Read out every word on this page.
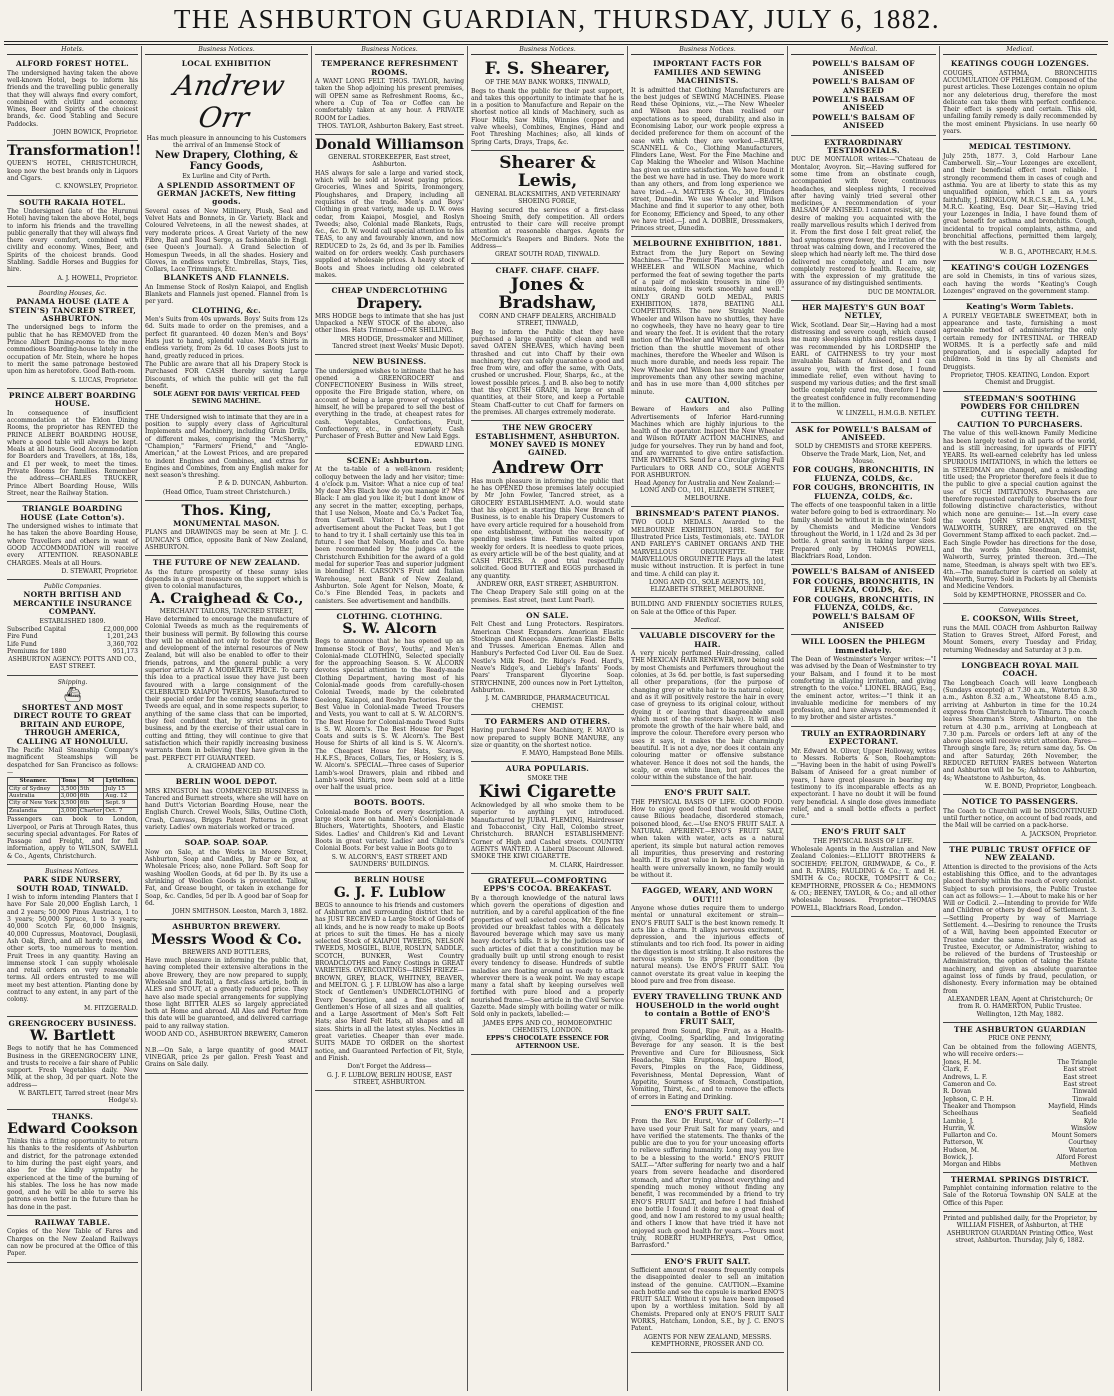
THE ASHBURTON GUARDIAN, THURSDAY, JULY 6, 1882.
Hotels.
ALFORD FOREST HOTEL.

The undersigned having taken the above well-known Hotel, begs to inform his friends and the travelling public generally that they will always find every comfort, combined with civility and economy. Wines, Beer and Spirits of the choicest brands, &c. Good Stabling and Secure Paddocks.

JOHN BOWICK, Proprietor.

Transformation!!

QUEEN'S HOTEL, CHRISTCHURCH, keep now the best brands only in Liquors and Cigars.

C. KNOWSLEY, Proprietor.

SOUTH RAKAIA HOTEL.

The Undersigned (late of the Hurunui Hotel) having taken the above Hotel, begs to inform his friends and the travelling public generally that they will always find there every comfort, combined with civility and economy. Wines, Beer, and Spirits of the choicest brands. Good Stabling. Saddle Horses and Buggies for hire.

A. J. HOWELL, Proprietor.

Boarding Houses, &c.

PANAMA HOUSE (LATE A STEIN'S) TANCRED STREET, ASHBURTON.

The undersigned begs to inform the public that he has REMOVED from the Prince Albert Dining-rooms to the more commodious Boarding-house lately in the occupation of Mr. Stein, where he hopes to merit the same patronage bestowed upon him as heretofore. Good Bath-room.

S. LUCAS, Proprietor.

PRINCE ALBERT BOARDING HOUSE.

In consequence of insufficient accommodation at the Eldon Dining Rooms, the proprietor has RENTED the PRINCE ALBERT BOARDING HOUSE, where a good table will always be kept. Meals at all hours. Good Accommodation for Boarders and Travellers, at 18s, 18s, and £1 per week, to meet the times. Private Rooms for families. Remember the address—CHARLES TRUCKER, Prince Albert Boarding House, Wills Street, near the Railway Station.

TRIANGLE BOARDING HOUSE (Late Cotton's).

The undersigned wishes to intimate that he has taken the above Boarding House, where Travellers and others in want of GOOD ACCOMMODATION will receive every ATTENTION. REASONABLE CHARGES. Meals at all Hours.

D. STEWART, Proprietor.

Public Companies.

NORTH BRITISH AND MERCANTILE INSURANCE COMPANY.

ESTABLISHED 1809.

Subscribed Capital	£2,000,000
Fire Fund	1,201,243
Life Fund	3,360,702
Premiums for 1880	951,173

ASHBURTON AGENCY: POTTS AND CO., EAST STREET.

Shipping.

⛴
SHORTEST AND MOST DIRECT ROUTE TO GREAT BRITAIN AND EUROPE, THROUGH AMERICA, CALLING AT HONOLULU.

The Pacific Mail Steamship Company's magnificent Steamships will be despatched for San Francisco as follows:—

Steamer.	Tons	M	Lyttelton.
City of Sydney	3,500	5th	July 15
Australia	3,000	6th	Aug. 12
City of New York	3,500	6th	Sept. 9
Zealandia	3,000	Charter	Oct. 7

Passengers can book to London, Liverpool, or Paris at Through Rates, thus securing special advantages. For Rates of Passage and Freight, and for full information, apply to WILSON, SAWELL & Co., Agents, Christchurch.

Business Notices.

PARK SIDE NURSERY, SOUTH ROAD, TINWALD.

I wish to inform intending Planters that I have For Sale 20,000 English Larch, 1 and 2 years; 50,000 Pinus Austriaca, 1 to 3 years; 50,000 Spruce, 1 to 3 years; 40,000 Scotch Fir, 60,000 Insignis, 40,000 Cupressus, Moatovaci, Douglasii, Ash Oak, Birch, and all hardy trees, and other sorts, too numerous to mention. Fruit Trees in any quantity. Having an immense stock I can supply wholesale and retail orders on very reasonable terms. All orders entrusted to me will meet my best attention. Planting done by contract to any extent, in any part of the colony.

M. FITZGERALD.

GREENGROCERY BUSINESS.
W. Bartlett

Begs to notify that he has Commenced Business in the GREENGROCERY LINE, and trusts to receive a fair share of Public support. Fresh Vegetables daily. New Milk, at the shop, 3d per quart. Note the address—

W. BARTLETT, Tarred street (near Mrs Hodge's).

THANKS.
Edward Cookson

Thinks this a fitting opportunity to return his thanks to the residents of Ashburton and district, for the patronage extended to him during the past eight years, and also for the kindly sympathy he experienced at the time of the burning of his stables. The loss he has now made good, and he will be able to serve his patrons even better in the future than he has done in the past.

RAILWAY TABLE.

Copies of the New Table of Fares and Charges on the New Zealand Railways can now be procured at the Office of this Paper.

Business Notices.
LOCAL EXHIBITION
Andrew Orr

Has much pleasure in announcing to his Customers the arrival of an Immense Stock of

New Drapery, Clothing, & Fancy Goods,

Ex Lurline and City of Perth.

A SPLENDID ASSORTMENT OF GERMAN JACKETS, New fitting goods.

Several cases of New Millinery, Plush, Seal and Velvet Hats and Bonnets, in Gr. Variety. Black and Coloured Velveteens, in all the newest shades, at very moderate prices. A Great Variety of the new Fibre, Bail and Road Serge, as fashionable in Engl. (see Queen's Journal). A Grand Selection of Homespun Tweeds, in all the shades. Hosiery and Gloves, in endless variety. Umbrellas, Stays, Ties, Collars, Lace Trimmings, Etc.

BLANKETS AND FLANNELS.

An Immense Stock of Roslyn Kaiapoi, and English Blankets and Flannels just opened. Flannel from 1s per yard.

CLOTHING, &c.

Men's Suits from 40s upwards. Boys' Suits from 12s 6d. Suits made to order on the premises, and a perfect fit guaranteed. 40 dozen Men's and Boys' Hats just to hand, splendid value. Men's Shirts in endless variety, from 2s 6d. 10 cases Boots just to hand, greatly reduced in prices.

The Public are aware that all his Drapery Stock is Purchased FOR CASH thereby saving Large Discounts, of which the public will get the full benefit.

SOLE AGENT FOR DAVIS' VERTICAL FEED SEWING MACHINE.

THE Undersigned wish to intimate that they are in a position to supply every class of Agricultural Implements and Machinery, including Grain Drills, of different makes, comprising the "McSherry," "Champion," "Farmers' Friend," and "Anglo-American," at the Lowest Prices, and are prepared to indent Engines and Combines, and extras for Engines and Combines, from any English maker for next season's threshing.

P. & D. DUNCAN, Ashburton.

(Head Office, Tuam street Christchurch.)

Thos. King,
MONUMENTAL MASON.

PLANS and DRAWINGS may be seen at Mr. J. C. DUNCAN'S Office, opposite Bank of New Zealand, ASHBURTON.

THE FUTURE OF NEW ZEALAND.

As the future prosperity of these sunny isles depends in a great measure on the support which is given to colonial manufactures,

A. Craighead & Co.,

MERCHANT TAILORS, TANCRED STREET,

Have determined to encourage the manufacture of Colonial Tweeds as much as the requirements of their business will permit. By following this course they will be enabled not only to foster the growth and development of the internal resources of New Zealand, but will also be enabled to offer to their friends, patrons, and the general public a very superior article AT A MODERATE PRICE. To carry this idea to a practical issue they have just been favoured with a large consignment of the CELEBRATED KAIAPOI TWEEDS, Manufactured to their special order for the coming season. As these Tweeds are equal, and in some respects superior, to anything of the same class that can be imported, they feel confident that, by strict attention to business, and by the exercise of their usual care in cutting and fitting, they will continue to give that satisfaction which their rapidly increasing business warrants them in believing they have given in the past. PERFECT FIT GUARANTEED.

A. CRAIGHEAD AND CO.

BERLIN WOOL DEPOT.

MRS KINGSTON has COMMENCED BUSINESS in Tancred and Burnett streets, where she will have on hand Dutt's Victorian Boarding House, near the English Church. Crewel Wools, Silks, Outline Cloth, Crash, Canvass, Briggs Patent Patterns in great variety. Ladies' own materials worked or traced.

SOAP. SOAP. SOAP.

Now on Sale, at the Works in Moore Street, Ashburton, Soap and Candles, by Bar or Box, at Wholesale Prices; also, none Pollard. Soft Soap for washing Woollen Goods, at 6d per lb. By its use a shrinking of Woollen Goods is prevented. Tallow, Fat, and Grease bought, or taken in exchange for Soap, &c. Candles, 5d per lb. A good bar of Soap for 6d.

JOHN SMITHSON. Leeston, March 3, 1882.

ASHBURTON BREWERY.
Messrs Wood & Co.

BREWERS AND BOTTLERS,

Have much pleasure in informing the public that, having completed their extensive alterations in the above Brewery, they are now prepared to supply, Wholesale and Retail, a first-class article, both in ALES and STOUT, at a greatly reduced price. They have also made special arrangements for supplying those light BITTER ALES so largely appreciated both at Home and abroad. All Ales and Porter from this date will be guaranteed, and delivered carriage paid to any railway station.

WOOD AND CO., ASHBURTON BREWERY, Cameron street.

N.B.—On Sale, a large quantity of good MALT VINEGAR, price 2s per gallon. Fresh Yeast and Grains on Sale daily.

Business Notices.
TEMPERANCE REFRESHMENT ROOMS.

A WANT LONG FELT. THOS. TAYLOR, having taken the Shop adjoining his present premises, will OPEN same as Refreshment Rooms, &c., where a Cup of Tea or Coffee can be comfortably taken at any hour. A PRIVATE ROOM for Ladies.

THOS. TAYLOR, Ashburton Bakery, East street.

Donald Williamson

GENERAL STOREKEEPER, East street, Ashburton.

HAS always for sale a large and varied stock, which will be sold at lowest paying prices. Groceries, Wines and Spirits, Ironmongery, Ploughshares, and Drapery, including all requisites of the trade. Men's and Boys' Clothing in great variety, made up. D. W. owes cedar, from Kaiapoi, Mosgiel, and Roslyn Tweeds; also, Colonial made Blankets, Rugs, &c., &c. D. W. would call special attention to his TEAS, to any and favourably known, and now REDUCED to 2s, 2s 6d, and 3s per lb. Families waited on for orders weekly. Cash purchasers supplied at wholesale prices. A heavy stock of Boots and Shoes including old celebrated makes.

CHEAP UNDERCLOTHING
Drapery.

MRS HODGE begs to intimate that she has just Unpacked a NEW STOCK of the above, also other lines. Hats Trimmed—ONE SHILLING.

MRS HODGE, Dressmaker and Milliner, Tancred street (next Weeks' Music Depot).

NEW BUSINESS.

The undersigned wishes to intimate that he has opened a GREENGROCERY and CONFECTIONERY Business in Wills street, opposite the Fire Brigade station, where, on account of being a large grower of vegetables himself, he will be prepared to sell the best of everything in the trade, at cheapest rates for cash. Vegetables, Confections, Fruit, Confectionery, etc., in great variety. Cash Purchaser of Fresh Butter and New Laid Eggs.

EDWARD LING.

SCENE: Ashburton.

At the ta-table of a well-known resident; colloquy between the lady and her visitor; time: 4 o'clock p.m. Visitor: What a nice cup of tea! My dear Mrs Black how do you manage it? Mrs Black: I am glad you like it; but I dont know of any secret in the matter, excepting, perhaps, that I use Nelson, Moate and Co.'s Packet Tea, from Cartwell. Visitor: I have seen the advertisement about the Packet Teas, but I got to hand to try it. I shall certainly use this tea in future. I see that Nelson, Moate and Co. have been recommended by the judges at the Christchurch Exhibition for the award of a gold medal for superior Teas and superior judgment in blending! H. CARSON'S Fruit and Italian Warehouse, next Bank of New Zealand, Ashburton. Sole Agent for Nelson, Moate, & Co.'s Fine Blended Teas, in packets and canisters. See advertisement and handbills.

CLOTHING. CLOTHING.
S. W. Alcorn

Begs to announce that he has opened up an Immense Stock of Boys', Youths', and Men's Colonial-made CLOTHING, Selected specially for the approaching Season. S. W. ALCORN devotes special attention to the Ready-made Clothing Department, having most of his Colonial-made goods from carefully-chosen Colonial Tweeds, made by the celebrated Geelong, Kaiapoi, and Roslyn Factories. For the Best Value in Colonial-made Tweed Trousers and Vests, you want to call at S. W. ALCORN'S. The Best House for Colonial-made Tweed Suits is S. W. Alcorn's. The Best House for Paget Coats and suits is S. W. Alcorn's. The Best House for Shirts of all kind is S. W. Alcorn's. The Cheapest House for Hats, Scarves, H.K.F.S., Braces, Collars, Ties, or Hosiery, is S. W. Alcorn's. SPECIAL—Three cases of Superior Lamb's-wool Drawers, plain and ribbed and Lamb's-wool Shirts, now been sold at a little over half the usual price.

BOOTS. BOOTS.

Colonial-made Boots of every description. A large stock now on hand. Men's Colonial-made Bluchers, Watertights, Shooters, and Elastic Sides. Ladies' and Children's Kid and Levant Boots in great variety. Ladies' and Children's Colonial Boots. For best value in Boots go to

S. W. ALCORN'S, EAST STREET AND SAUNDERS' BUILDINGS.

BERLIN HOUSE
G. J. F. Lublow

BEGS to announce to his friends and customers of Ashburton and surrounding district that he has JUST RECEIVED a Large Stock of Goods of all kinds, and he is now ready to make up Boots at prices to suit the times. He has a nicely selected Stock of KAIAPOI TWEEDS, NELSON TWEEDS, MOSGIEL, BLUE, ROSLYN, SADDLE, SCOTCH, BUNKER, West Country BROADCLOTHS and Fancy Costings in GREAT VARIETIES. OVERCOATINGS—IRISH FRIEZE—BROWN, GREY, BLACK, WHITNEY, BEAVER, and MELTON. G. J. F. LUBLOW has also a large Stock of Gentlemen's UNDERCLOTHING of Every Description, and a fine stock of Gentlemen's Hose of all sizes and all qualities, and a Large Assortment of Men's Soft Felt Hats; also Hard Felt Hats, all shapes and all sizes. Shirts in all the latest styles. Neckties in great varieties. Cheaper than ever made. SUITS MADE TO ORDER on the shortest notice, and Guaranteed Perfection of Fit, Style, and Finish.

Don't Forget the Address—

G. J. F. LUBLOW, BERLIN HOUSE, EAST STREET, ASHBURTON.

Business Notices.
F. S. Shearer,

OF THE MAY BANK WORKS, TINWALD,

Begs to thank the public for their past support, and takes this opportunity to intimate that he is in a position to Manufacture and Repair on the shortest notice all kinds of Machinery, such as Flour Mills, Saw Mills, Winnies (copper and valve wheels), Combines, Engines, Hand and Foot Threshing Machines; also, all kinds of Spring Carts, Drays, Traps, &c.

Shearer & Lewis,

GENERAL BLACKSMITHS, AND VETERINARY SHOEING FORGE,

Having secured the services of a first-class Shoeing Smith, defy competition. All orders entrusted to their care will receive prompt attention at reasonable charges. Agents for McCormick's Reapers and Binders. Note the Address—

GREAT SOUTH ROAD, TINWALD.

CHAFF. CHAFF. CHAFF.
Jones & Bradshaw,

CORN AND CHAFF DEALERS, ARCHIBALD STREET, TINWALD,

Beg to inform the Public that they have purchased a large quantity of clean and well saved OATEN SHEAVES, which having been thrashed and cut into Chaff by their own machinery, they can safely guarantee a good and free from wire, and offer the same, with Oats, crushed or uncrushed. Flour, Sharps, &c., at the lowest possible prices. J. and B. also beg to notify that they CRUSH GRAIN, in large or small quantities, at their Store, and keep a Portable Steam Chaff-cutter to cut Chaff for farmers on the premises. All charges extremely moderate.

THE NEW GROCERY ESTABLISHMENT, ASHBURTON. MONEY SAVED IS MONEY GAINED.
Andrew Orr

Has much pleasure in informing the public that he has OPENED those premises lately occupied by Mr John Fowler, Tancred street, as a GROCERY ESTABLISHMENT. A.O. would state that his object in starting this New Branch of Business, is to enable his Drapery Customers to have every article required for a household from one establishment, without the necessity of spending useless time. Families waited upon weekly for orders. It is needless to quote prices, as every article will be of the best quality, and at CASH PRICES. A good trial respectfully solicited. Good BUTTER and EGGS purchased in any quantity.

ANDREW ORR, EAST STREET, ASHBURTON.

The Cheap Drapery Sale still going on at the premises. East street, (next Lunt Pearl).

ON SALE.

Felt Chest and Lung Protectors. Respirators. American Chest Expanders. American Elastic Stockings and Kneecaps. American Elastic Belts and Trusses. American Enemas. Allen and Hanbury's Perfected Cod Liver Oil. Eau de Suez. Nestle's Milk Food. Dr. Ridge's Food. Hard's, Neave's Ridge's, and Liebig's Infants' Foods. Pears' Transparent Glycerine Soap. STRYCHNINE, 200 ounces now in Port Lyttelton, Ashburton.

J. M. CAMBRIDGE, PHARMACEUTICAL CHEMIST.

TO FARMERS AND OTHERS.

Having purchased New Machinery, F. MAYO is now prepared to supply BONE MANURE, any size or quantity, on the shortest notice.

F. MAYO, Hampstead Bone Mills.

AURA POPULARIS.

SMOKE THE

Kiwi Cigarette

Acknowledged by all who smoke them to be superior to anything yet introduced. Manufactured by JUBAL FLEMING, Hairdresser and Tobacconist, City Hall, Colombo street, Christchurch. BRANCH ESTABLISHMENT: Corner of High and Cashel streets. COUNTRY AGENTS WANTED. A Liberal Discount Allowed. SMOKE THE KIWI CIGARETTE.

M. CLARK, Hairdresser.

GRATEFUL—COMFORTING EPPS'S COCOA. BREAKFAST.

By a thorough knowledge of the natural laws which govern the operations of digestion and nutrition, and by a careful application of the fine properties of well selected cocoa, Mr. Epps has provided our breakfast tables with a delicately flavoured beverage which may save us many heavy doctor's bills. It is by the judicious use of such articles of diet that a constitution may be gradually built up until strong enough to resist every tendency to disease. Hundreds of subtle maladies are floating around us ready to attack wherever there is a weak point. We may escape many a fatal shaft by keeping ourselves well fortified with pure blood and a properly nourished frame.—See article in the Civil Service Gazette. Made simply with boiling water or milk. Sold only in packets, labelled:—

JAMES EPPS AND CO., HOMOEOPATHIC CHEMISTS, LONDON.

EPPS'S CHOCOLATE ESSENCE FOR AFTERNOON USE.

Business Notices.
IMPORTANT FACTS FOR FAMILIES AND SEWING MACHINISTS.

It is admitted that Clothing Manufacturers are the best judges of SEWING MACHINES. Please Read these Opinions, viz.,—The New Wheeler and Wilson has more than realised our expectations as to speed, durability, and also in Economising Labor, our work people express a decided preference for them on account of the ease with which they are worked.—BEATH, SCANNELL & Co., Clothing Manufacturers, Flinders Lane, West. For the Fine Machine and Cap Making the Wheeler and Wilson Machine has given us entire satisfaction. We have found it the best we have had in use. They do more work than any others, and from long experience we have tried.—A. MATTERS & Co., 30, Flinders street, Dunedin. We use Wheeler and Wilson Machine and find it superior to any other, both for Economy, Efficiency and Speed, to any other we have tried.—J. and A. DOBBIE, Dressmakers, Princes street, Dunedin.

MELBOURNE EXHIBITION, 1881.

Extract from the Jury Report on Sewing Machines.—"The Premier Place was awarded to WHEELER and WILSON Machine, which performed the feat of sewing together the parts of a pair of moleskin trousers in nine (9) minutes, doing its work smoothly and well." ONLY GRAND GOLD MEDAL, PARIS EXHIBITION, 1878, BEATING ALL COMPETITORS. The new Straight Needle Wheeler and Wilson have no shuttles, they have no cogwheels, they have no heavy gear to tire and weary the feet. It is evident that the rotary motion of the Wheeler and Wilson has much less friction than the shuttle movement of other machines, therefore the Wheeler and Wilson is much more durable, and needs less repair. The New Wheeler and Wilson has more and greater improvements than any other sewing machine, and has in use more than 4,000 stitches per minute.

CAUTION.

Beware of Hawkers and also Pulling Advertisements of Inferior Hard-running Machines which are highly injurious to the health of the operator. Inspect the New Wheeler and Wilson ROTARY ACTION MACHINES, and judge for yourselves. They run by hand and foot, and are warranted to give entire satisfaction. TIME PAYMENTS. Send for a Circular giving Full Particulars to ORR AND CO., SOLE AGENTS FOR ASHBURTON.

Head Agency for Australia and New Zealand:—LONG AND CO., 101, ELIZABETH STREET, MELBOURNE.

BRINSMEAD'S PATENT PIANOS.

TWO GOLD MEDALS. Awarded to the MELBOURNE EXHIBITION, 1881. Send for Illustrated Price Lists, Testimonials, etc. TAYLOR AND FARLEY'S CABINET ORGANS AND THE MARVELLOUS ORGUINETTE. THE MARVELLOUS ORGUINETTE Plays all the latest music without instruction. It is perfect in tune and time. A child can play it.

LONG AND CO., SOLE AGENTS, 101, ELIZABETH STREET, MELBOURNE.

BUILDING AND FRIENDLY SOCIETIES RULES, on Sale at the Office of this Paper.

Medical.

VALUABLE DISCOVERY for the HAIR.

A very nicely perfumed Hair-dressing, called THE MEXICAN HAIR RENEWER, now being sold by most Chemists and Perfumers throughout the colonies, at 3s 6d. per bottle, is fast superseding all other preparations, (for the purpose of changing grey or white hair to its natural colour, and as it will positively restore the hair in every case of greyness to its original colour, without dyeing it or leaving that disagreeable smell which most of the restorers have). It will also promote the growth of the hair where bald, and improve the colour. Therefore every person who uses it says, it makes the hair charmingly beautiful. It is not a dye, nor does it contain any colouring matter or offensive substance whatever. Hence it does not soil the hands, the scalp, or even white linen, but produces the colour within the substance of the hair.

ENO'S FRUIT SALT.

THE PHYSICAL BASIS OF LIFE. GOOD FOOD. How to enjoy good food that would otherwise cause Bilious headache, disordered stomach, poisoned blood, &c.—Use ENO'S FRUIT SALT. A NATURAL APERIENT.—ENO'S FRUIT SALT, when taken with water, acts as a natural aperient, its simple but natural action removes all impurities, thus preserving and restoring health. If its great value in keeping the body in health were universally known, no family would be without it.

FAGGED, WEARY, AND WORN OUT!!!

Anyone whose duties require them to undergo mental or unnatural excitement or strain—ENO'S FRUIT SALT is the best known remedy. It acts like a charm. It allays nervous excitement, depression, and the injurious effects of stimulants and too rich food. Its power in aiding the digestion is most striking. It also restores the nervous system to its proper condition (by natural means). Use ENO'S FRUIT SALT. You cannot overstate its great value in keeping the blood pure and free from disease.

EVERY TRAVELLING TRUNK AND HOUSEHOLD in the world ought to contain a Bottle of ENO'S FRUIT SALT,

prepared from Sound, Ripe Fruit, as a Health-giving, Cooling, Sparkling, and Invigorating Beverage for any season. It is the best Preventive and Cure for Biliousness, Sick Headache, Skin Eruptions, Impure Blood, Fevers, Pimples on the Face, Giddiness, Feverishness, Mental Depression, Want of Appetite, Sourness of Stomach, Constipation, Vomiting, Thirst, &c., and to remove the effects of errors in Eating and Drinking.

ENO'S FRUIT SALT.

From the Rev. Dr Hurst, Vicar of Collerly:—"I have used your Fruit Salt for many years, and have verified the statements. The thanks of the public are due to you for your unceasing efforts to relieve suffering humanity. Long may you live to be a blessing to the world." ENO'S FRUIT SALT.—"After suffering for nearly two and a half years from severe headache and disordered stomach, and after trying almost everything and spending much money without finding any benefit, I was recommended by a friend to try ENO'S FRUIT SALT, and before I had finished one bottle I found it doing me a great deal of good, and now I am restored to my usual health; and others I know that have tried it have not enjoyed such good health for years.—Yours most truly, ROBERT HUMPHREYS, Post Office, Barrasford."

ENO'S FRUIT SALT.

Sufficient amount of reasons frequently compels the disappointed dealer to sell an imitation instead of the genuine. CAUTION.—Examine each bottle and see the capsule is marked ENO'S FRUIT SALT. Without it you have been imposed upon by a worthless imitation. Sold by all Chemists. Prepared only at ENO'S FRUIT SALT WORKS, Hatcham, London, S.E., by J. C. ENO'S Patent.

AGENTS FOR NEW ZEALAND, MESSRS. KEMPTHORNE, PROSSER AND CO.

Medical.
POWELL'S BALSAM OF ANISEED
POWELL'S BALSAM OF ANISEED
POWELL'S BALSAM OF ANISEED
POWELL'S BALSAM OF ANISEED
EXTRAORDINARY TESTIMONIALS.

DUC DE MONTALOR writes:—"Chateau de Montalor, Avoyron. Sir,—Having suffered for some time from an obstinate cough, accompanied with fever, continuous headaches, and sleepless nights, I received after having vainly tried several other medicines, a recommendation of your BALSAM OF ANISEED. I cannot resist, sir, the desire of making you acquainted with the really marvellous results which I derived from it. From the first dose I felt great relief, the bad symptoms grew fewer, the irritation of the throat was calming down, and I recovered the sleep which had nearly left me. The third dose delivered me completely, and I am now completely restored to health. Receive, sir, with the expression of my gratitude the assurance of my distinguished sentiments.

DUC DE MONTALOR.

HER MAJESTY'S GUN BOAT NETLEY,

Wick, Scotland. Dear Sir,—Having had a most distressing and severe cough, which caused me many sleepless nights and restless days, I was recommended by his LORDSHIP the EARL of CAITHNESS to try your most invaluable Balsam of Aniseed, and I can assure you, with the first dose, I found immediate relief, even without having to suspend my various duties; and the first small bottle completely cured me, therefore I have the greatest confidence in fully recommending it to the million.

W. LINZELL, H.M.G.B. NETLEY.

ASK for POWELL'S BALSAM of ANISEED.

SOLD by CHEMISTS and STORE KEEPERS. Observe the Trade Mark, Lion, Net, and Mouse.

FOR COUGHS, BRONCHITIS, IN FLUENZA, COLDS, &c.
FOR COUGHS, BRONCHITIS, IN FLUENZA, COLDS, &c.

The effects of one teaspoonful taken in a little water before going to bed is extraordinary. No family should be without it in the winter. Sold by Chemists and Medicine Vendors throughout the World, in 1 1/2d and 2s 3d per bottle. A great saving in taking larger sizes. Prepared only by THOMAS POWELL, Blackfriars Road, London.

POWELL'S BALSAM of ANISEED
FOR COUGHS, BRONCHITIS, IN FLUENZA, COLDS, &c.
FOR COUGHS, BRONCHITIS, IN FLUENZA, COLDS, &c.
POWELL'S BALSAM OF ANISEED
WILL LOOSEN the PHLEGM immediately.

The Dean of Westminster's Verger writes:—"I was advised by the Dean of Westminster to try your Balsam, and I found it to be most comforting in allaying irritation, and giving strength to the voice." LIONEL BRAGG, Esq., the eminent actor, writes:—"I think it an invaluable medicine for members of my profession, and have always recommended it to my brother and sister artistes."

TRULY an EXTRAORDINARY EXPECTORANT.

Mr. Edward M. Oliver, Upper Holloway, writes to Messrs. Roberts & Son, Roehampton:—"Having been in the habit of using Powell's Balsam of Aniseed for a great number of years, I have great pleasure in bearing my testimony to its incomparable effects as an expectorant. I have no doubt it will be found very beneficial. A single dose gives immediate relief, and a small bottle effects a perfect cure."

ENO'S FRUIT SALT

THE PHYSICAL BASIS OF LIFE.

Wholesale Agents in the Australian and New Zealand Colonies:—ELLIOTT BROTHERS & SOCIEHDY; FELTON, GRIMWADE, & Co., F. and R. FAIRS; FAULDING & Co.; T. and H. SMITH & Co.; ROCKE, TOMPSITT & Co.; KEMPTHORNE, PROSSER & Co.; HEMMONS & CO.; BEENEY, TAYLOR, & Co.; and all other wholesale houses. Proprietor—THOMAS POWELL, Blackfriars Road, London.

Medical.
KEATINGS COUGH LOZENGES.

COUGHS, ASTHMA, BRONCHITIS ACCUMULATION OF PHLEGM. Composed of the purest articles. These Lozenges contain no opium nor any deleterious drug, therefore the most delicate can take them with perfect confidence. Their effect is speedy and certain. This old, unfailing family remedy is daily recommended by the most eminent Physicians. In use nearly 60 years.

MEDICAL TESTIMONY.

July 25th, 1877. 3, Cold Harbour Lane Camberwell. Sir,—Your Lozenges are excellent, and their beneficial effect most reliable. I strongly recommend them in cases of cough and asthma. You are at liberty to state this as my unqualified opinion, which I am as yours faithfully, J. BRINGLOW, M.R.C.S.E., L.S.A., L.M., M.R.C. Keating, Esq. Dear Sir,—Having tried your Lozenges in India, I have found them of great benefit for asthma and bronchitis. Cough, incidental to tropical complaints, asthma, and bronchitial affections, permitted them largely, with the best results.

W. B. G., APOTHECARY, H.M.S.

KEATING'S COUGH LOZENGES

are sold in Chemists, in tins of various sizes, each having the words "Keating's Cough Lozenges" engraved on the government stamp.

Keating's Worm Tablets.

A PURELY VEGETABLE SWEETMEAT, both in appearance and taste, furnishing a most agreeable method of administering the only certain remedy for INTESTINAL or THREAD WORMS. It is a perfectly safe and mild preparation, and is especially adapted for children. Sold in tins by all Chemists and Druggists.

Proprietor, THOS. KEATING, London. Export Chemist and Druggist.

STEEDMAN'S SOOTHING POWDERS FOR CHILDREN CUTTING TEETH.
CAUTION TO PURCHASERS.

The value of this well-known Family Medicine has been largely tested in all parts of the world, and is still increasing, for upwards of FIFTY YEARS. Its well-earned celebrity has led unless SPURIOUS IMITATIONS, in which the letters ee in STEEDMAN are changed, and a misleading title used; the Proprietor therefore feels it due to the public to give a special caution against the use of SUCH IMITATIONS. Purchasers are therefore requested carefully to observe the four following distinctive characteristics, without which none are genuine:— 1st.—In every case the words JOHN STEEDMAN, CHEMIST, WALWORTH, SURREY, are engraved on the Government Stamp affixed to each packet. 2nd.—Each Single Powder has directions for the dose, and the words John Steedman, Chemist, Walworth, Surrey, printed thereon. 3rd.—The name, Steedman, is always spelt with two EE's. 4th.—The manufacturer is carried on solely at Walworth, Surrey. Sold in Packets by all Chemists and Medicine Vendors.

Sold by KEMPTHORNE, PROSSER and Co.

Conveyances.

E. COOKSON, Wills Street,

runs the MAIL COACH from Ashburton Railway Station to Graves Street, Alford Forest, and Mount Somers, every Tuesday and Friday, returning Wednesday and Saturday at 3 p.m.

LONGBEACH ROYAL MAIL COACH.

The Longbeach Coach will leave Longbeach (Sundays excepted) at 7.30 a.m., Waterton 8.30 a.m., Ashton 8.32 a.m., Wheatstone 8.45 a.m., arriving at Ashburton in time for the 10.24 express from Christchurch to Timaru. The coach leaves Shearman's Store, Ashburton, on the return at 4.30 p.m., arriving at Longbeach at 7.30 p.m. Parcels or orders left at any of the above places will receive strict attention. Fares—Through single fare, 3s; return same day, 5s. On and after Saturday, 26th November, the REDUCED RETURN FARES between Waterton and Ashburton will be 5s; Ashton to Ashburton, 4s; Wheatstone to Ashburton, 4s.

W. E. BOND, Proprietor, Longbeach.

NOTICE TO PASSENGERS.

The Coach to Churchill will be DISCONTINUED until further notice, on account of bad roads, and the Mail will be carried on a pack-horse.

A. JACKSON, Proprietor.

THE PUBLIC TRUST OFFICE OF NEW ZEALAND.

Attention is directed to the provisions of the Acts establishing this Office, and to the advantages placed thereby within the reach of every colonist. Subject to such provisions, the Public Trustee can act as follows:— 1.—About to make his or her Will or Codicil. 2.—Intending to provide for Wife and Children or others by deed of Settlement. 3.—Settling Property by way of Marriage Settlement. 4.—Desiring to renounce the Trusts of a Will, having been appointed Executor or Trustee under the same. 5.—Having acted as Trustee, Executor, or Administrator, wishing to be relieved of the burdens of Trusteeship or Administration, the option of taking the Estate machinery, and given as absolute guarantee against loss of funds by fraud, peculation, or dishonesty. Every information may be obtained from

ALEXANDER LEAN, Agent at Christchurch; Or from R. O. HAMERTON, Public Trustee. Wellington, 12th May, 1882.

THE ASHBURTON GUARDIAN

PRICE ONE PENNY,

Can be obtained from the following AGENTS, who will receive orders:—

Jones, H. M.	The Triangle
Clark, F.	East street
Andrews, L. F.	East street
Cameron and Co.	East street
R. Dovan	Tinwald
Jephson, C. P. H.	Tinwald
Theaker and Thompson	Mayfield, Hinds
Scheelhaus	Seafield
Lambie, J.	Kyle
Hurrin, W.	Winslow
Fullarton and Co.	Mount Somers
Patterson, W.	Courtney
Hudson, M.	Waterton
Bowick, J.	Alford Forest
Morgan and Hibbs	Methven
THERMAL SPRINGS DISTRICT.

Pamphlet containing information relative to the Sale of the Rotorua Township ON SALE at the Office of this Paper.

Printed and published daily, for the Proprietor, by WILLIAM FISHER, of Ashburton, at THE ASHBURTON GUARDIAN Printing Office, West street, Ashburton. Thursday, July 6, 1882.
